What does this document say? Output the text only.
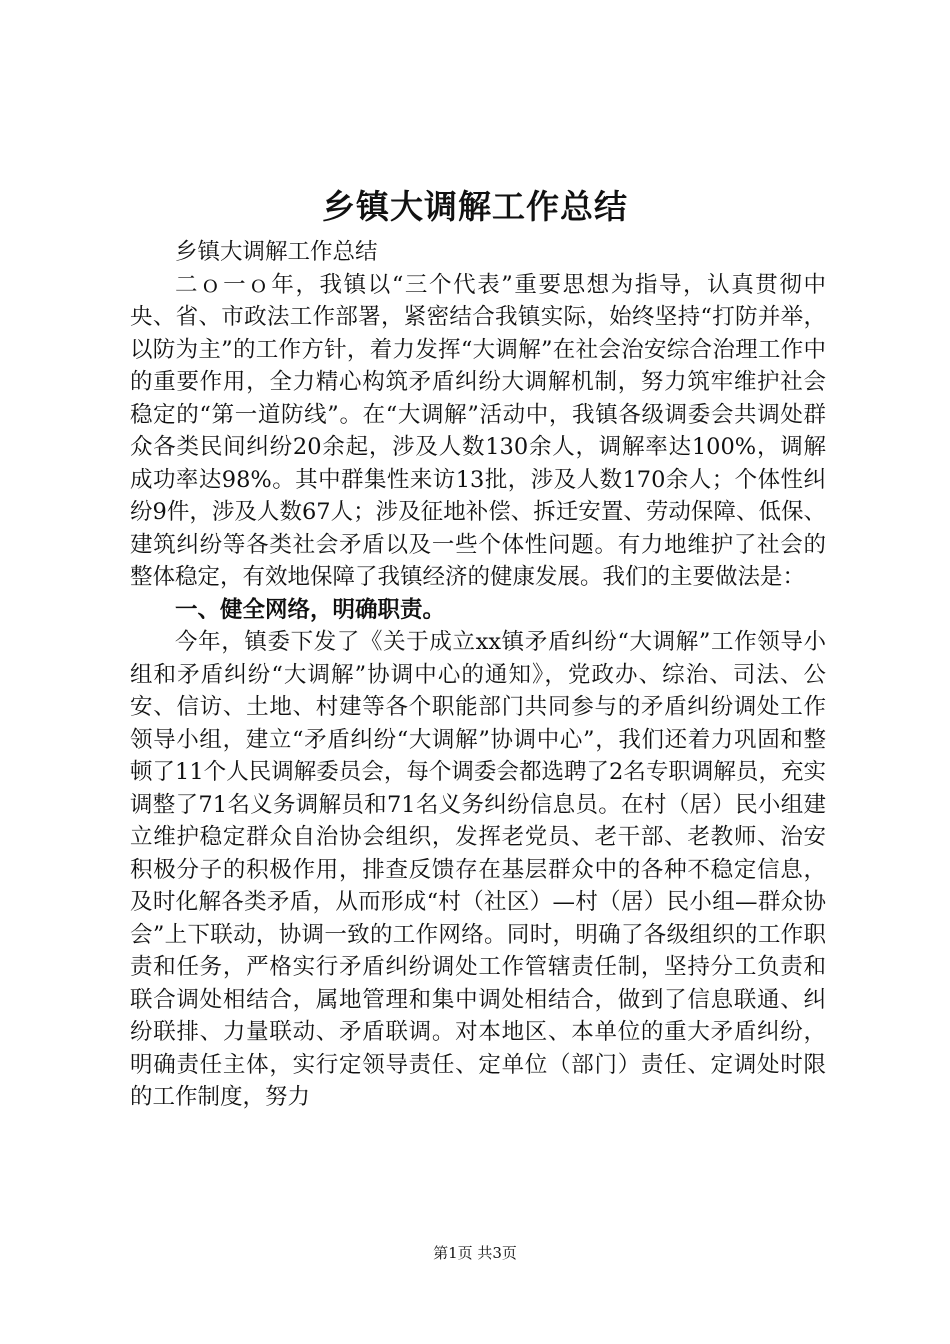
乡镇大调解工作总结

乡镇大调解工作总结

二ｏ一ｏ年，我镇以“三个代表”重要思想为指导，认真贯彻中央、省、市政法工作部署，紧密结合我镇实际，始终坚持“打防并举，以防为主”的工作方针，着力发挥“大调解”在社会治安综合治理工作中的重要作用，全力精心构筑矛盾纠纷大调解机制，努力筑牢维护社会稳定的“第一道防线”。在“大调解”活动中，我镇各级调委会共调处群众各类民间纠纷20余起，涉及人数130余人，调解率达100%，调解成功率达98%。其中群集性来访13批，涉及人数170余人；个体性纠纷9件，涉及人数67人；涉及征地补偿、拆迁安置、劳动保障、低保、建筑纠纷等各类社会矛盾以及一些个体性问题。有力地维护了社会的整体稳定，有效地保障了我镇经济的健康发展。我们的主要做法是：

一、健全网络，明确职责。

今年，镇委下发了《关于成立xx镇矛盾纠纷“大调解”工作领导小组和矛盾纠纷“大调解”协调中心的通知》，党政办、综治、司法、公安、信访、土地、村建等各个职能部门共同参与的矛盾纠纷调处工作领导小组，建立“矛盾纠纷“大调解”协调中心”，我们还着力巩固和整顿了11个人民调解委员会，每个调委会都选聘了2名专职调解员，充实调整了71名义务调解员和71名义务纠纷信息员。在村（居）民小组建立维护稳定群众自治协会组织，发挥老党员、老干部、老教师、治安积极分子的积极作用，排查反馈存在基层群众中的各种不稳定信息，及时化解各类矛盾，从而形成“村（社区）—村（居）民小组—群众协会”上下联动，协调一致的工作网络。同时，明确了各级组织的工作职责和任务，严格实行矛盾纠纷调处工作管辖责任制，坚持分工负责和联合调处相结合，属地管理和集中调处相结合，做到了信息联通、纠纷联排、力量联动、矛盾联调。对本地区、本单位的重大矛盾纠纷，明确责任主体，实行定领导责任、定单位（部门）责任、定调处时限的工作制度，努力

第1页 共3页
